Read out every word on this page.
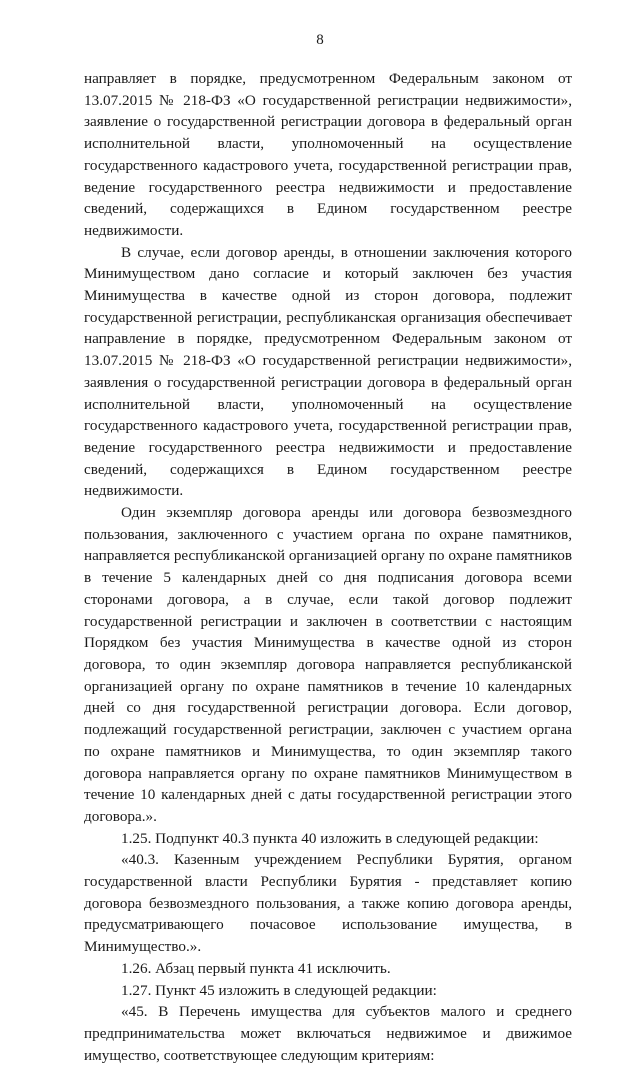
8

направляет в порядке, предусмотренном Федеральным законом от 13.07.2015 № 218-ФЗ «О государственной регистрации недвижимости», заявление о государственной регистрации договора в федеральный орган исполнительной власти, уполномоченный на осуществление государственного кадастрового учета, государственной регистрации прав, ведение государственного реестра недвижимости и предоставление сведений, содержащихся в Едином государственном реестре недвижимости.

В случае, если договор аренды, в отношении заключения которого Минимуществом дано согласие и который заключен без участия Минимущества в качестве одной из сторон договора, подлежит государственной регистрации, республиканская организация обеспечивает направление в порядке, предусмотренном Федеральным законом от 13.07.2015 № 218-ФЗ «О государственной регистрации недвижимости», заявления о государственной регистрации договора в федеральный орган исполнительной власти, уполномоченный на осуществление государственного кадастрового учета, государственной регистрации прав, ведение государственного реестра недвижимости и предоставление сведений, содержащихся в Едином государственном реестре недвижимости.

Один экземпляр договора аренды или договора безвозмездного пользования, заключенного с участием органа по охране памятников, направляется республиканской организацией органу по охране памятников в течение 5 календарных дней со дня подписания договора всеми сторонами договора, а в случае, если такой договор подлежит государственной регистрации и заключен в соответствии с настоящим Порядком без участия Минимущества в качестве одной из сторон договора, то один экземпляр договора направляется республиканской организацией органу по охране памятников в течение 10 календарных дней со дня государственной регистрации договора. Если договор, подлежащий государственной регистрации, заключен с участием органа по охране памятников и Минимущества, то один экземпляр такого договора направляется органу по охране памятников Минимуществом в течение 10 календарных дней с даты государственной регистрации этого договора.».

1.25. Подпункт 40.3 пункта 40 изложить в следующей редакции:

«40.3. Казенным учреждением Республики Бурятия, органом государственной власти Республики Бурятия - представляет копию договора безвозмездного пользования, а также копию договора аренды, предусматривающего почасовое использование имущества, в Минимущество.».

1.26. Абзац первый пункта 41 исключить.

1.27. Пункт 45 изложить в следующей редакции:

«45. В Перечень имущества для субъектов малого и среднего предпринимательства может включаться недвижимое и движимое имущество, соответствующее следующим критериям:
